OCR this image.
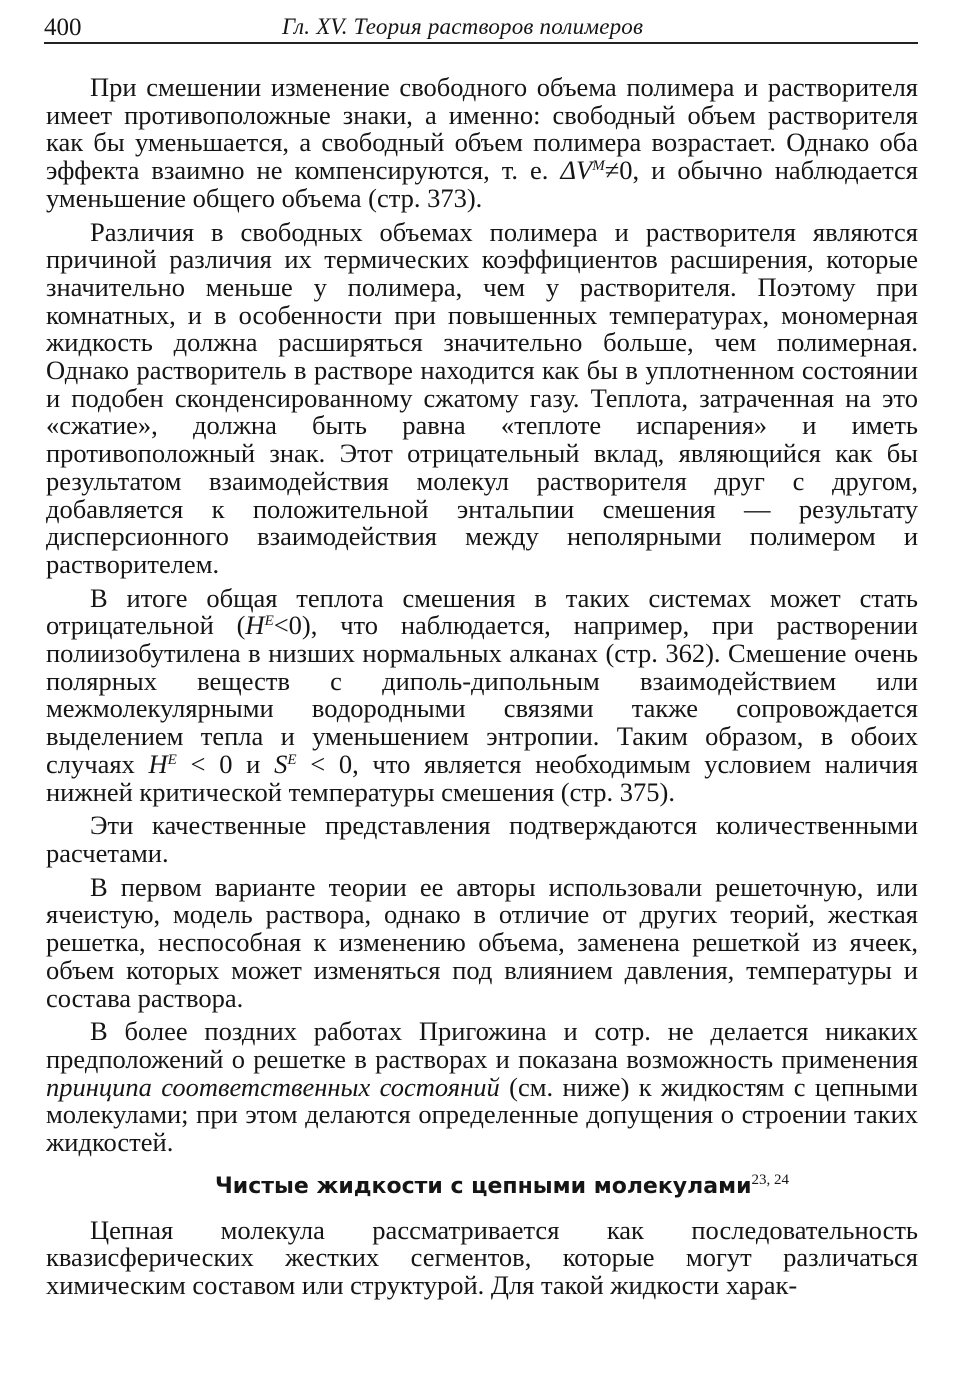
400	Гл. XV. Теория растворов полимеров

При смешении изменение свободного объема полимера и растворителя имеет противоположные знаки, а именно: свободный объем растворителя как бы уменьшается, а свободный объем полимера возрастает. Однако оба эффекта взаимно не компенсируются, т. е. $\Delta V^M\ne 0$, и обычно наблюдается уменьшение общего объема (стр. 373).

Различия в свободных объемах полимера и растворителя являются причиной различия их термических коэффициентов расширения, которые значительно меньше у полимера, чем у растворителя. Поэтому при комнатных, и в особенности при повышенных температурах, мономерная жидкость должна расширяться значительно больше, чем полимерная. Однако растворитель в растворе находится как бы в уплотненном состоянии и подобен сконденсированному сжатому газу. Теплота, затраченная на это «сжатие», должна быть равна «теплоте испарения» и иметь противоположный знак. Этот отрицательный вклад, являющийся как бы результатом взаимодействия молекул растворителя друг с другом, добавляется к положительной энтальпии смешения — результату дисперсионного взаимодействия между неполярными полимером и растворителем.

В итоге общая теплота смешения в таких системах может стать отрицательной $(H^E<0)$, что наблюдается, например, при растворении полиизобутилена в низших нормальных алканах (стр. 362). Смешение очень полярных веществ с диполь-дипольным взаимодействием или межмолекулярными водородными связями также сопровождается выделением тепла и уменьшением энтропии. Таким образом, в обоих случаях $H^E < 0$ и $S^E < 0$, что является необходимым условием наличия нижней критической температуры смешения (стр. 375).

Эти качественные представления подтверждаются количественными расчетами.

В первом варианте теории ее авторы использовали решеточную, или ячеистую, модель раствора, однако в отличие от других теорий, жесткая решетка, неспособная к изменению объема, заменена решеткой из ячеек, объем которых может изменяться под влиянием давления, температуры и состава раствора.

В более поздних работах Пригожина и сотр. не делается никаких предположений о решетке в растворах и показана возможность применения принципа соответственных состояний (см. ниже) к жидкостям с цепными молекулами; при этом делаются определенные допущения о строении таких жидкостей.

Чистые жидкости с цепными молекулами$^{23, 24}$

Цепная молекула рассматривается как последовательность квазисферических жестких сегментов, которые могут различаться химическим составом или структурой. Для такой жидкости харак-
